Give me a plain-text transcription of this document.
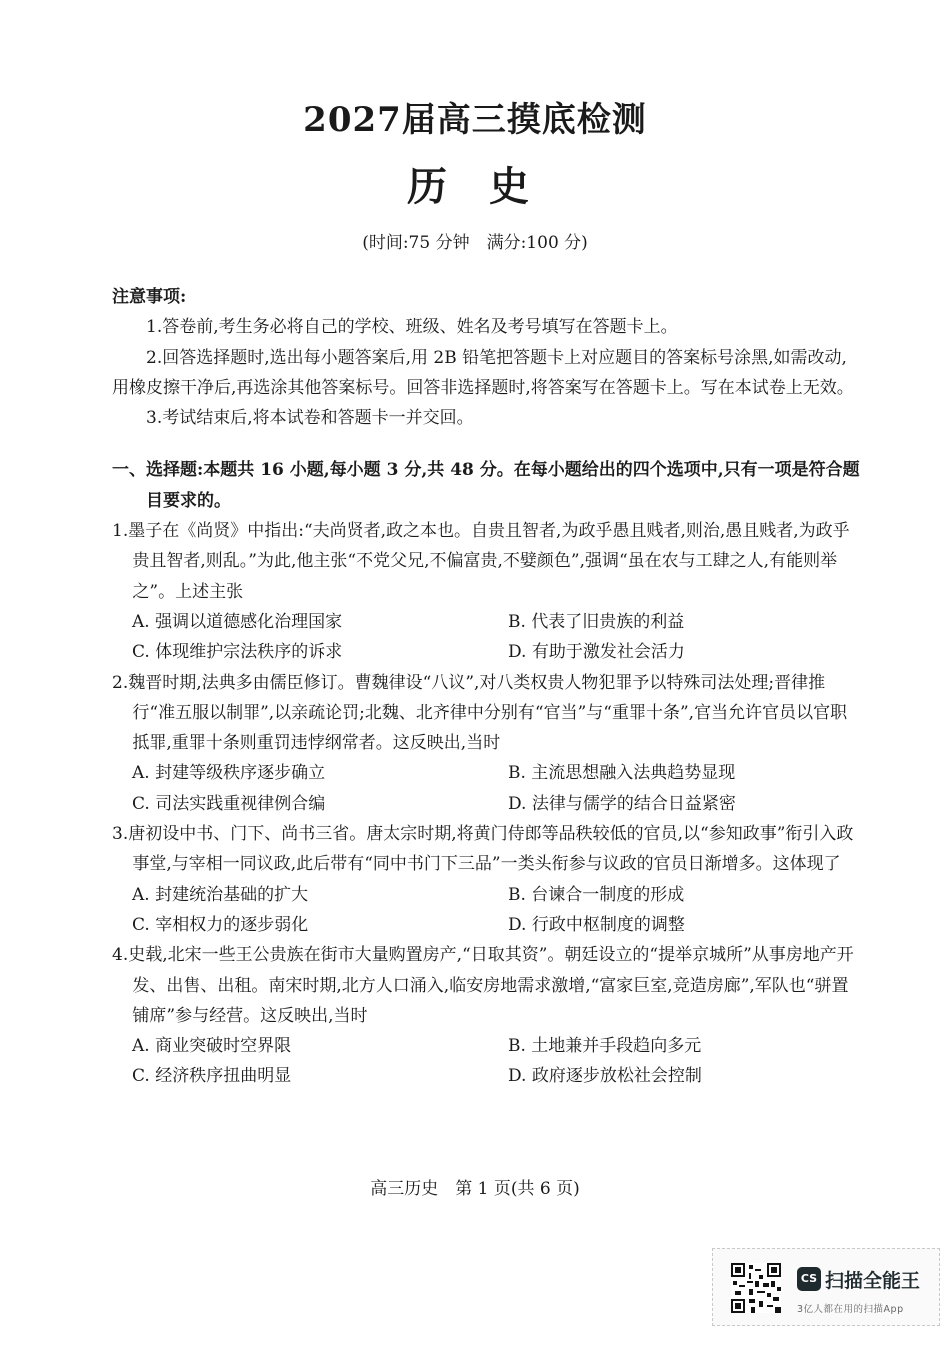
2027届高三摸底检测
历 史
(时间:75 分钟　满分:100 分)
注意事项:
1.答卷前,考生务必将自己的学校、班级、姓名及考号填写在答题卡上。
2.回答选择题时,选出每小题答案后,用 2B 铅笔把答题卡上对应题目的答案标号涂黑,如需改动,用橡皮擦干净后,再选涂其他答案标号。回答非选择题时,将答案写在答题卡上。写在本试卷上无效。
3.考试结束后,将本试卷和答题卡一并交回。
一、选择题:本题共 16 小题,每小题 3 分,共 48 分。在每小题给出的四个选项中,只有一项是符合题目要求的。
1.墨子在《尚贤》中指出:“夫尚贤者,政之本也。自贵且智者,为政乎愚且贱者,则治,愚且贱者,为政乎贵且智者,则乱。”为此,他主张“不党父兄,不偏富贵,不嬖颜色”,强调“虽在农与工肆之人,有能则举之”。上述主张
A. 强调以道德感化治理国家	B. 代表了旧贵族的利益
C. 体现维护宗法秩序的诉求	D. 有助于激发社会活力
2.魏晋时期,法典多由儒臣修订。曹魏律设“八议”,对八类权贵人物犯罪予以特殊司法处理;晋律推行“准五服以制罪”,以亲疏论罚;北魏、北齐律中分别有“官当”与“重罪十条”,官当允许官员以官职抵罪,重罪十条则重罚违悖纲常者。这反映出,当时
A. 封建等级秩序逐步确立	B. 主流思想融入法典趋势显现
C. 司法实践重视律例合编	D. 法律与儒学的结合日益紧密
3.唐初设中书、门下、尚书三省。唐太宗时期,将黄门侍郎等品秩较低的官员,以“参知政事”衔引入政事堂,与宰相一同议政,此后带有“同中书门下三品”一类头衔参与议政的官员日渐增多。这体现了
A. 封建统治基础的扩大	B. 台谏合一制度的形成
C. 宰相权力的逐步弱化	D. 行政中枢制度的调整
4.史载,北宋一些王公贵族在街市大量购置房产,“日取其资”。朝廷设立的“提举京城所”从事房地产开发、出售、出租。南宋时期,北方人口涌入,临安房地需求激增,“富家巨室,竞造房廊”,军队也“骈置铺席”参与经营。这反映出,当时
A. 商业突破时空界限	B. 土地兼并手段趋向多元
C. 经济秩序扭曲明显	D. 政府逐步放松社会控制
高三历史　第 1 页(共 6 页)
CS 扫描全能王
3亿人都在用的扫描App
